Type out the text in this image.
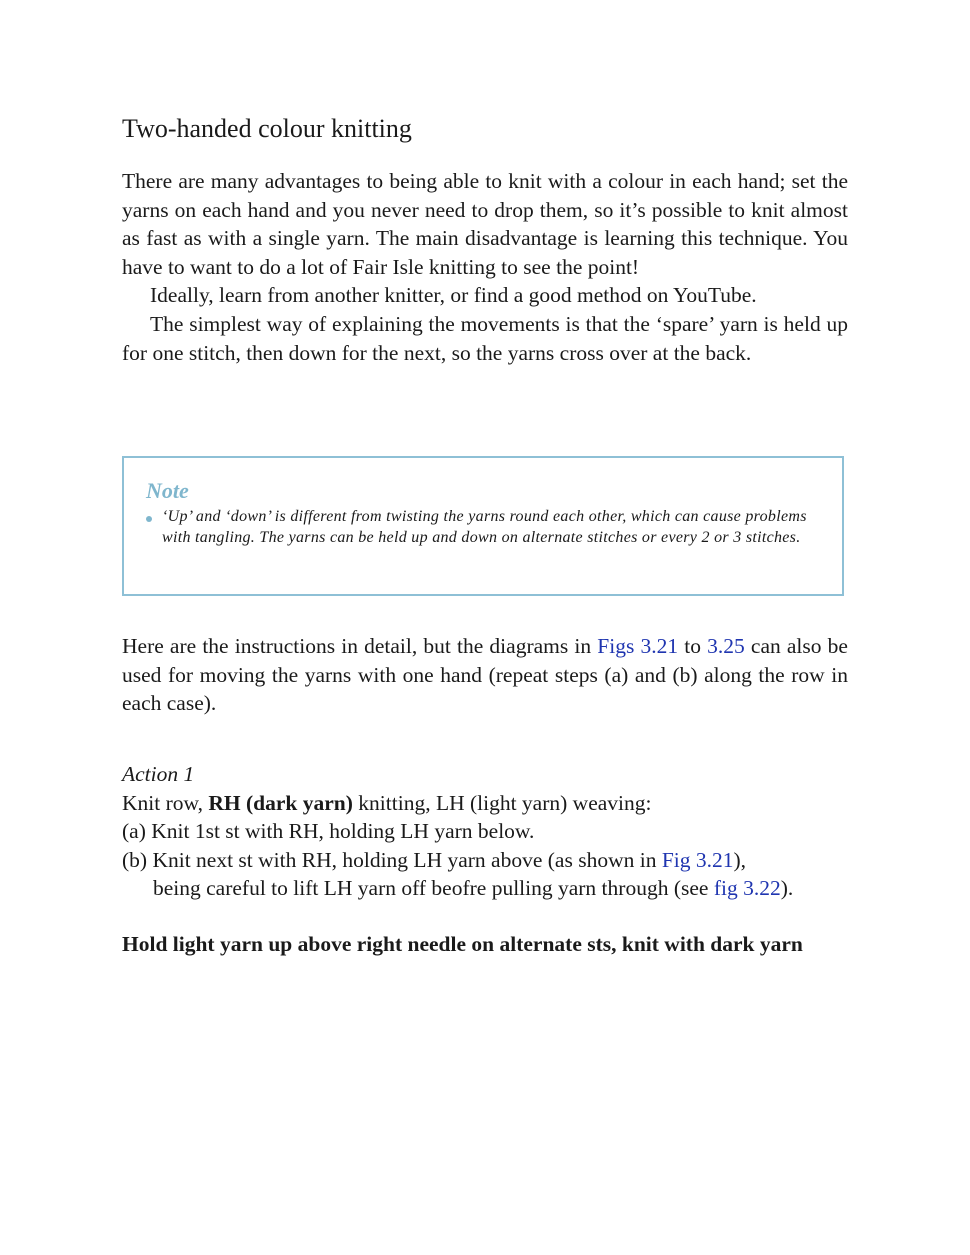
Two-handed colour knitting

There are many advantages to being able to knit with a colour in each hand; set the yarns on each hand and you never need to drop them, so it’s possible to knit almost as fast as with a single yarn. The main disadvantage is learning this technique. You have to want to do a lot of Fair Isle knitting to see the point!

Ideally, learn from another knitter, or find a good method on YouTube.

The simplest way of explaining the movements is that the ‘spare’ yarn is held up for one stitch, then down for the next, so the yarns cross over at the back.

Note

‘Up’ and ‘down’ is different from twisting the yarns round each other, which can cause problems with tangling. The yarns can be held up and down on alternate stitches or every 2 or 3 stitches.

Here are the instructions in detail, but the diagrams in Figs 3.21 to 3.25 can also be used for moving the yarns with one hand (repeat steps (a) and (b) along the row in each case).

Action 1
Knit row, RH (dark yarn) knitting, LH (light yarn) weaving:
(a) Knit 1st st with RH, holding LH yarn below.
(b) Knit next st with RH, holding LH yarn above (as shown in Fig 3.21),
being careful to lift LH yarn off beofre pulling yarn through (see fig 3.22).

Hold light yarn up above right needle on alternate sts, knit with dark yarn
